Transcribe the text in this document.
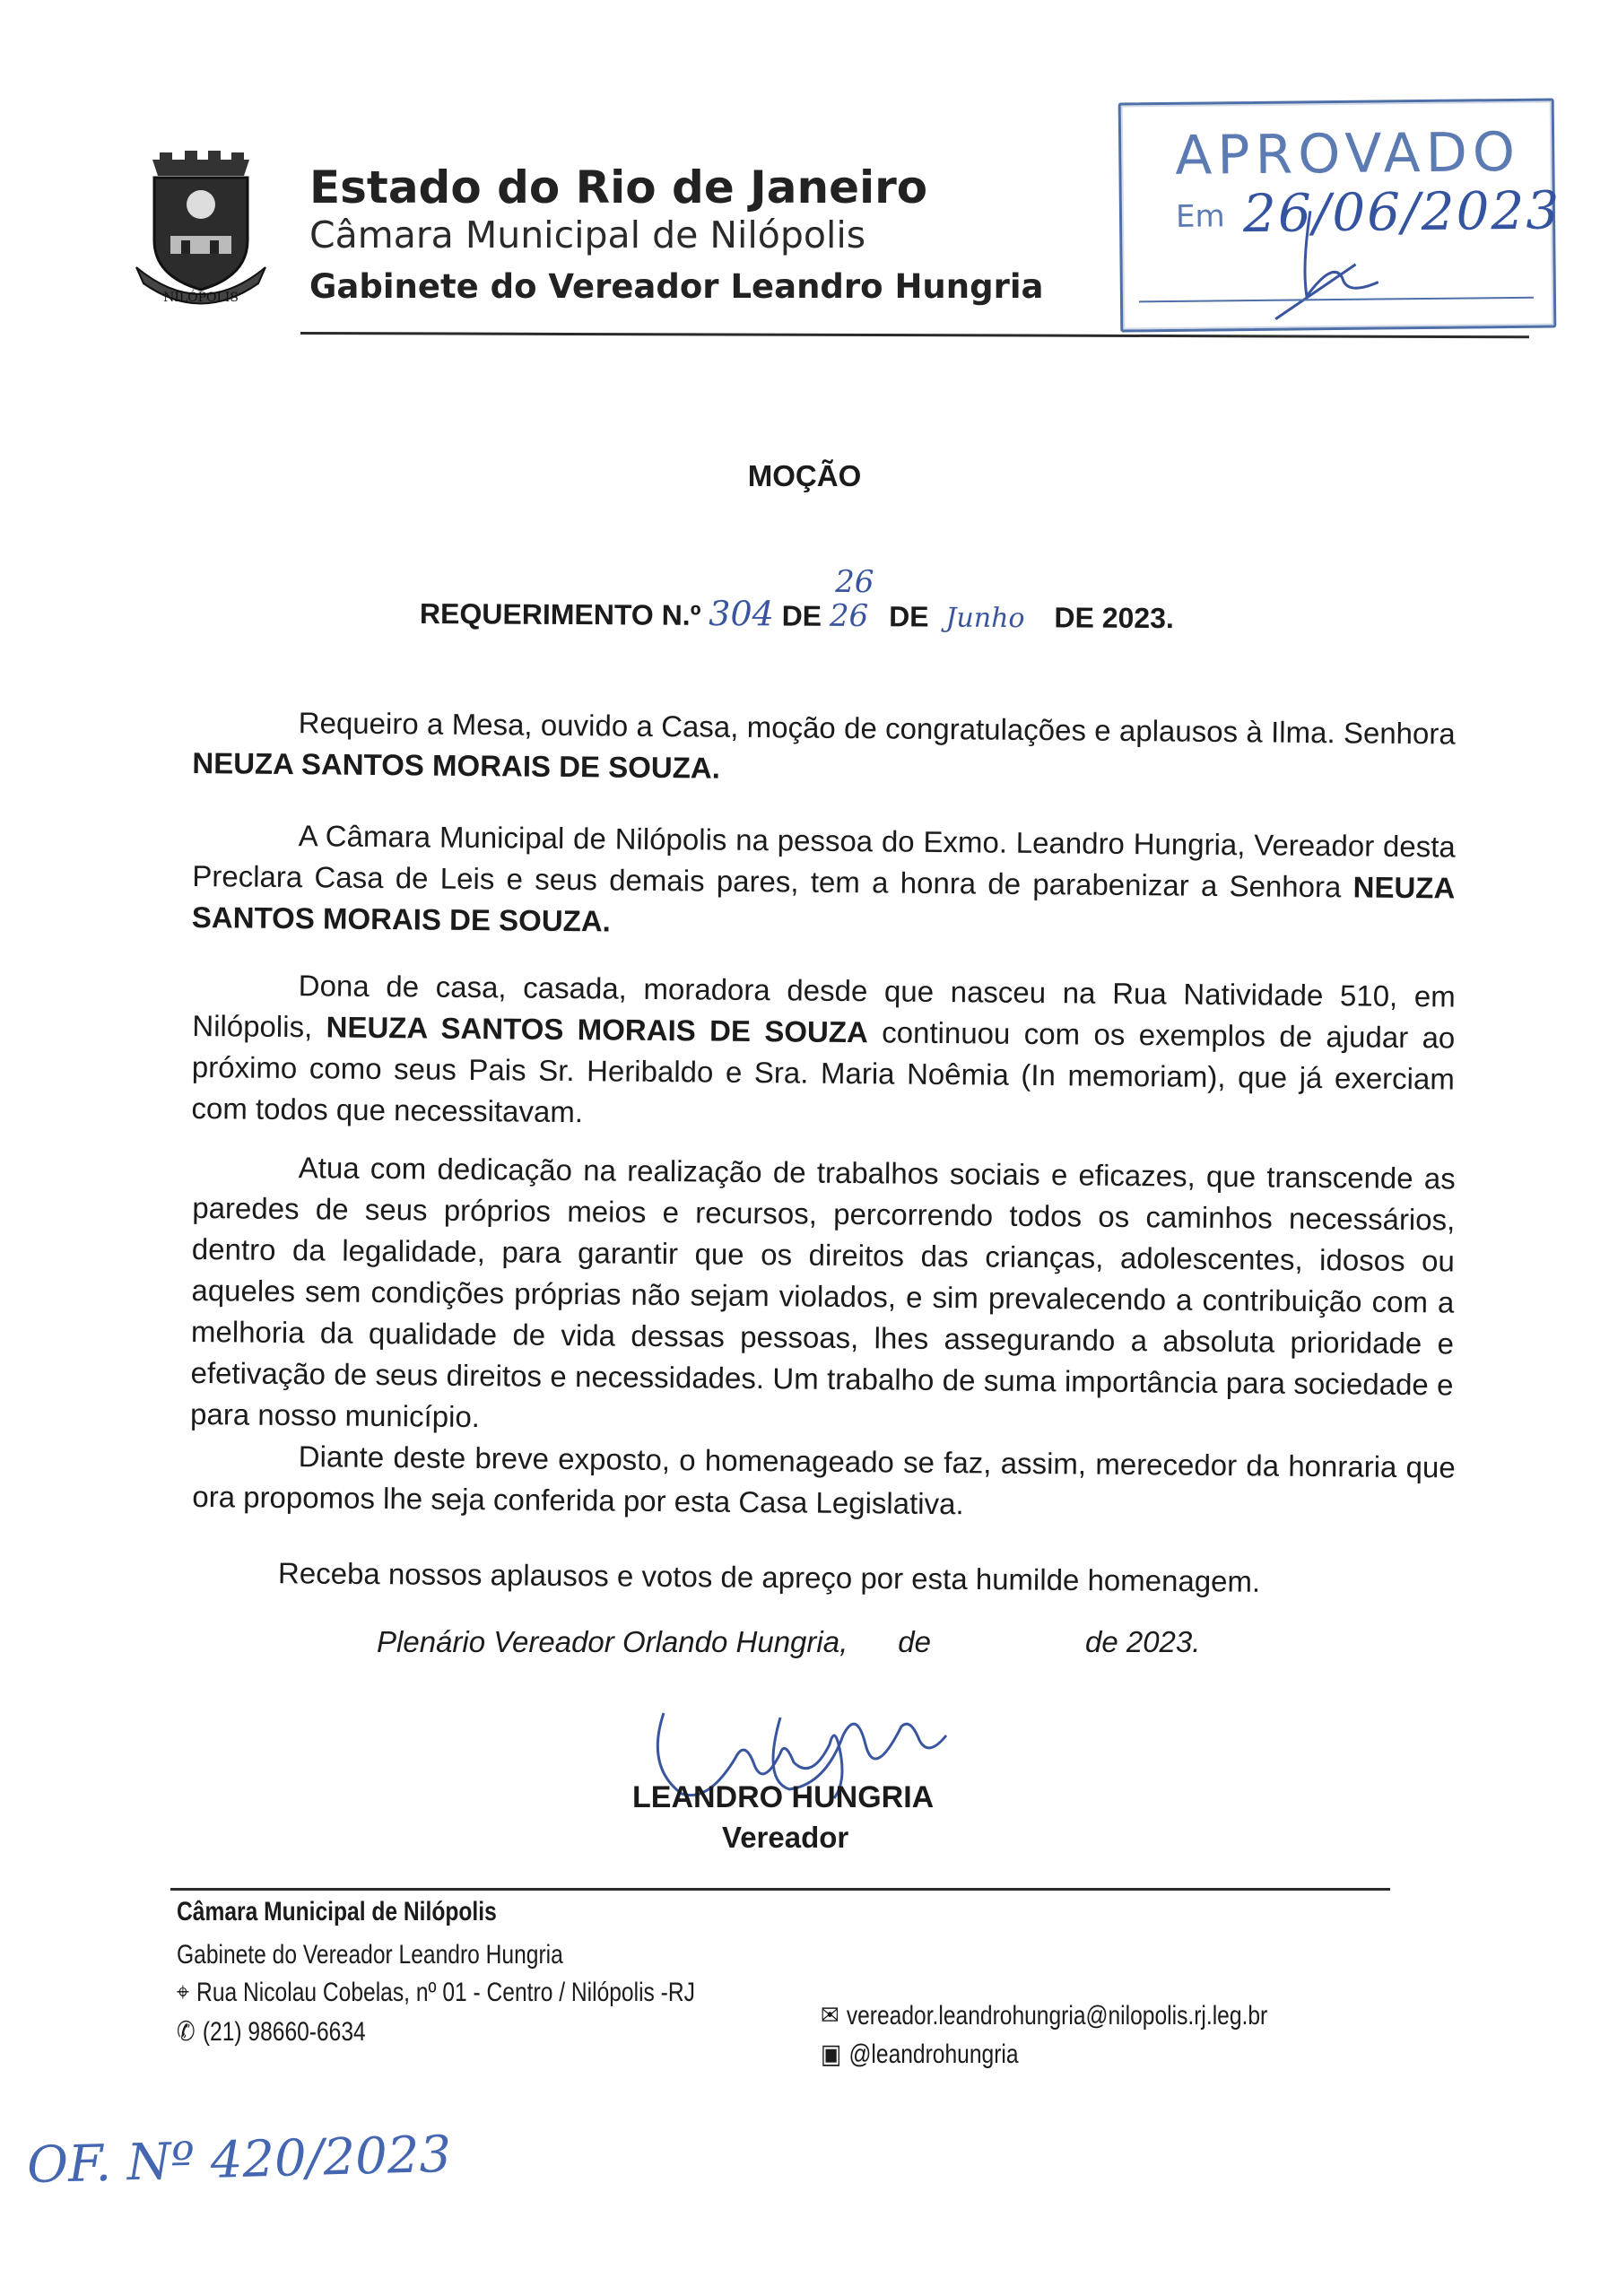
NILÓPOLIS
Estado do Rio de Janeiro
Câmara Municipal de Nilópolis
Gabinete do Vereador Leandro Hungria
APROVADO
Em 26/06/2023
MOÇÃO
REQUERIMENTO N.º 304 DE
26
26 DE Junho DE 2023.

Requeiro a Mesa, ouvido a Casa, moção de congratulações e aplausos à Ilma. Senhora NEUZA SANTOS MORAIS DE SOUZA.

A Câmara Municipal de Nilópolis na pessoa do Exmo. Leandro Hungria, Vereador desta Preclara Casa de Leis e seus demais pares, tem a honra de parabenizar a Senhora NEUZA SANTOS MORAIS DE SOUZA.

Dona de casa, casada, moradora desde que nasceu na Rua Natividade 510, em Nilópolis, NEUZA SANTOS MORAIS DE SOUZA continuou com os exemplos de ajudar ao próximo como seus Pais Sr. Heribaldo e Sra. Maria Noêmia (In memoriam), que já exerciam com todos que necessitavam.

Atua com dedicação na realização de trabalhos sociais e eficazes, que transcende as paredes de seus próprios meios e recursos, percorrendo todos os caminhos necessários, dentro da legalidade, para garantir que os direitos das crianças, adolescentes, idosos ou aqueles sem condições próprias não sejam violados, e sim prevalecendo a contribuição com a melhoria da qualidade de vida dessas pessoas, lhes assegurando a absoluta prioridade e efetivação de seus direitos e necessidades. Um trabalho de suma importância para sociedade e para nosso município.

Diante deste breve exposto, o homenageado se faz, assim, merecedor da honraria que ora propomos lhe seja conferida por esta Casa Legislativa.

Receba nossos aplausos e votos de apreço por esta humilde homenagem.
Plenário Vereador Orlando Hungria, de	de 2023.
LEANDRO HUNGRIA
Vereador
Câmara Municipal de Nilópolis
Gabinete do Vereador Leandro Hungria
⌖ Rua Nicolau Cobelas, nº 01 - Centro / Nilópolis -RJ
✆ (21) 98660-6634
✉ vereador.leandrohungria@nilopolis.rj.leg.br
▣ @leandrohungria
OF. Nº 420/2023
